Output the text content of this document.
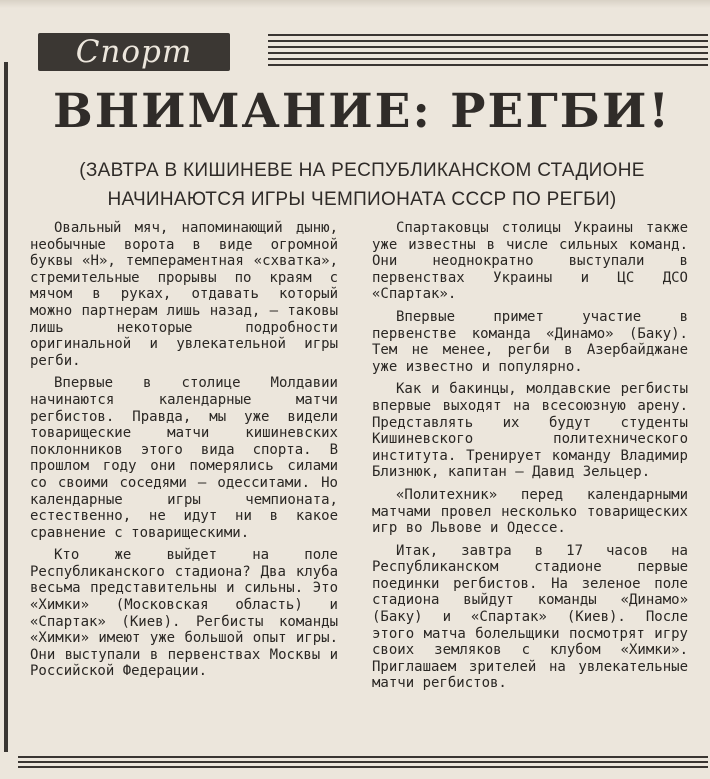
Спорт
ВНИМАНИЕ: РЕГБИ!
(ЗАВТРА В КИШИНЕВЕ НА РЕСПУБЛИКАНСКОМ СТАДИОНЕ НАЧИНАЮТСЯ ИГРЫ ЧЕМПИОНАТА СССР ПО РЕГБИ)

Овальный мяч, напоминающий дыню, необычные ворота в виде огромной буквы «Н», темпераментная «схватка», стремительные прорывы по краям с мячом в руках, отдавать который можно партнерам лишь назад, — таковы лишь некоторые подробности оригинальной и увлекательной игры регби.

Впервые в столице Молдавии начинаются календарные матчи регбистов. Правда, мы уже видели товарищеские матчи кишиневских поклонников этого вида спорта. В прошлом году они померялись силами со своими соседями — одесситами. Но календарные игры чемпионата, естественно, не идут ни в какое сравнение с товарищескими.

Кто же выйдет на поле Республиканского стадиона? Два клуба весьма представительны и сильны. Это «Химки» (Московская область) и «Спартак» (Киев). Регбисты команды «Химки» имеют уже большой опыт игры. Они выступали в первенствах Москвы и Российской Федерации.

Спартаковцы столицы Украины также уже известны в числе сильных команд. Они неоднократно выступали в первенствах Украины и ЦС ДСО «Спартак».

Впервые примет участие в первенстве команда «Динамо» (Баку). Тем не менее, регби в Азербайджане уже известно и популярно.

Как и бакинцы, молдавские регбисты впервые выходят на всесоюзную арену. Представлять их будут студенты Кишиневского политехнического института. Тренирует команду Владимир Близнюк, капитан — Давид Зельцер.

«Политехник» перед календарными матчами провел несколько товарищеских игр во Львове и Одессе.

Итак, завтра в 17 часов на Республиканском стадионе первые поединки регбистов. На зеленое поле стадиона выйдут команды «Динамо» (Баку) и «Спартак» (Киев). После этого матча болельщики посмотрят игру своих земляков с клубом «Химки». Приглашаем зрителей на увлекательные матчи регбистов.
